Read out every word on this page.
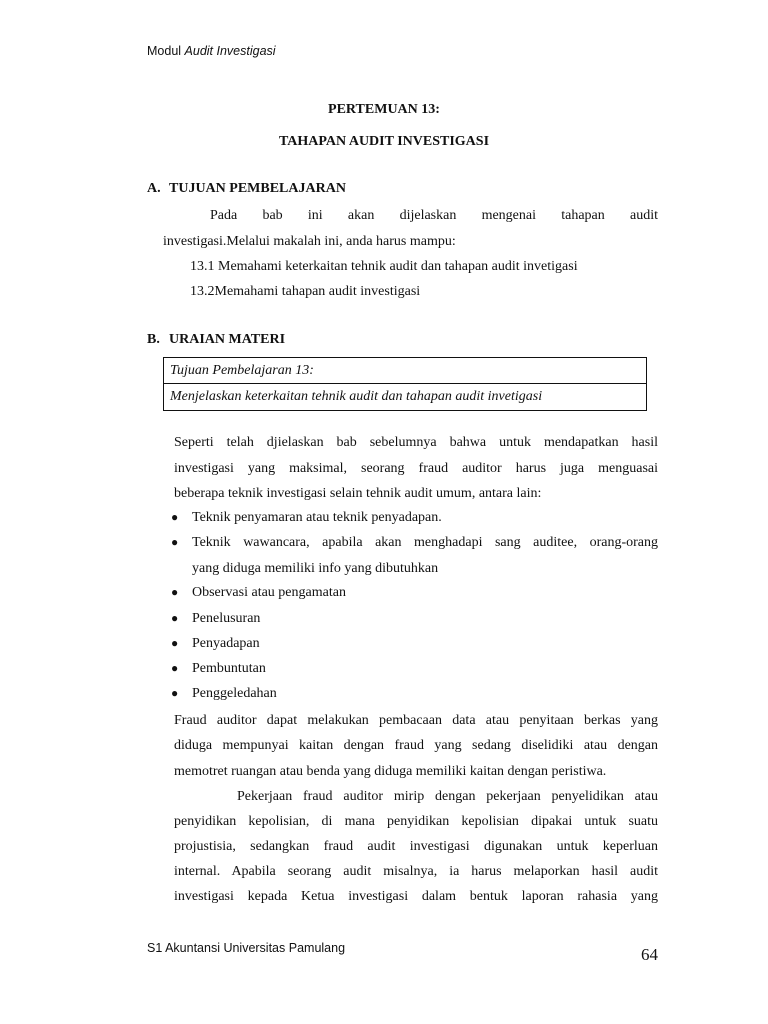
Modul Audit Investigasi
PERTEMUAN 13:
TAHAPAN AUDIT INVESTIGASI
A. TUJUAN PEMBELAJARAN
Pada bab ini akan dijelaskan mengenai tahapan audit
investigasi.Melalui makalah ini, anda harus mampu:
13.1 Memahami keterkaitan tehnik audit dan tahapan audit invetigasi
13.2Memahami tahapan audit investigasi
B. URAIAN MATERI
Tujuan Pembelajaran 13:
Menjelaskan keterkaitan tehnik audit dan tahapan audit invetigasi
Seperti telah djielaskan bab sebelumnya bahwa untuk mendapatkan hasil
investigasi yang maksimal, seorang fraud auditor harus juga menguasai
beberapa teknik investigasi selain tehnik audit umum, antara lain:
● Teknik penyamaran atau teknik penyadapan.
● Teknik wawancara, apabila akan menghadapi sang auditee, orang-orang
yang diduga memiliki info yang dibutuhkan
● Observasi atau pengamatan
● Penelusuran
● Penyadapan
● Pembuntutan
● Penggeledahan
Fraud auditor dapat melakukan pembacaan data atau penyitaan berkas yang
diduga mempunyai kaitan dengan fraud yang sedang diselidiki atau dengan
memotret ruangan atau benda yang diduga memiliki kaitan dengan peristiwa.
Pekerjaan fraud auditor mirip dengan pekerjaan penyelidikan atau
penyidikan kepolisian, di mana penyidikan kepolisian dipakai untuk suatu
projustisia, sedangkan fraud audit investigasi digunakan untuk keperluan
internal. Apabila seorang audit misalnya, ia harus melaporkan hasil audit
investigasi kepada Ketua investigasi dalam bentuk laporan rahasia yang
S1 Akuntansi Universitas Pamulang	64
